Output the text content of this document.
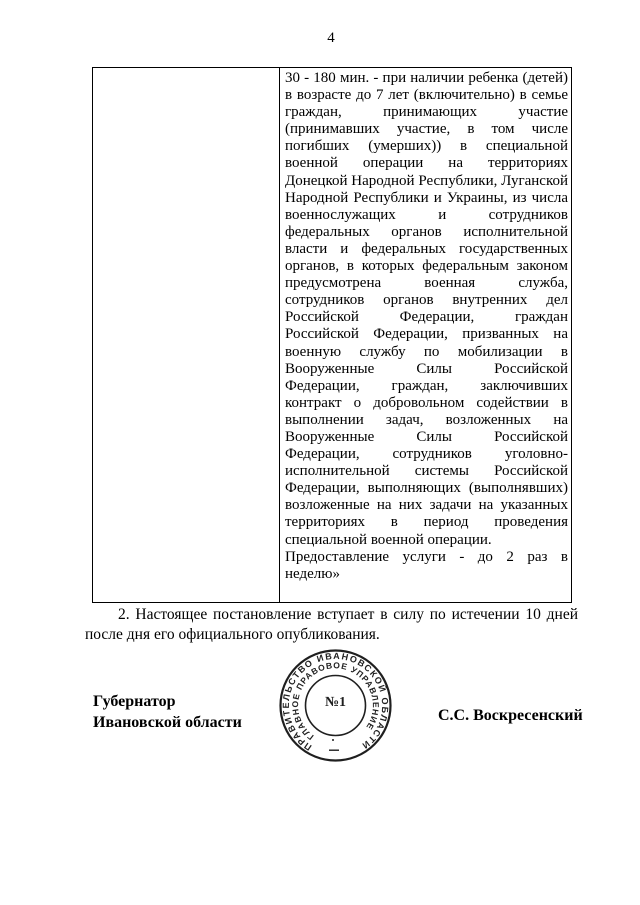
4

30 - 180 мин. - при наличии ребенка (детей) в возрасте до 7 лет (включительно) в семье граждан, принимающих участие (принимавших участие, в том числе погибших (умерших)) в специальной военной операции на территориях Донецкой Народной Республики, Луганской Народной Республики и Украины, из числа военнослужащих и сотрудников федеральных органов исполнительной власти и федеральных государственных органов, в которых федеральным законом предусмотрена военная служба, сотрудников органов внутренних дел Российской Федерации, граждан Российской Федерации, призванных на военную службу по мобилизации в Вооруженные Силы Российской Федерации, граждан, заключивших контракт о добровольном содействии в выполнении задач, возложенных на Вооруженные Силы Российской Федерации, сотрудников уголовно-исполнительной системы Российской Федерации, выполняющих (выполнявших) возложенные на них задачи на указанных территориях в период проведения специальной военной операции.

Предоставление услуги - до 2 раз в неделю»

2. Настоящее постановление вступает в силу по истечении 10 дней после дня его официального опубликования.
Губернатор
Ивановской области	С.С. Воскресенский
ПРАВИТЕЛЬСТВО ИВАНОВСКОЙ ОБЛАСТИ
ГЛАВНОЕ ПРАВОВОЕ УПРАВЛЕНИЕ
№1
